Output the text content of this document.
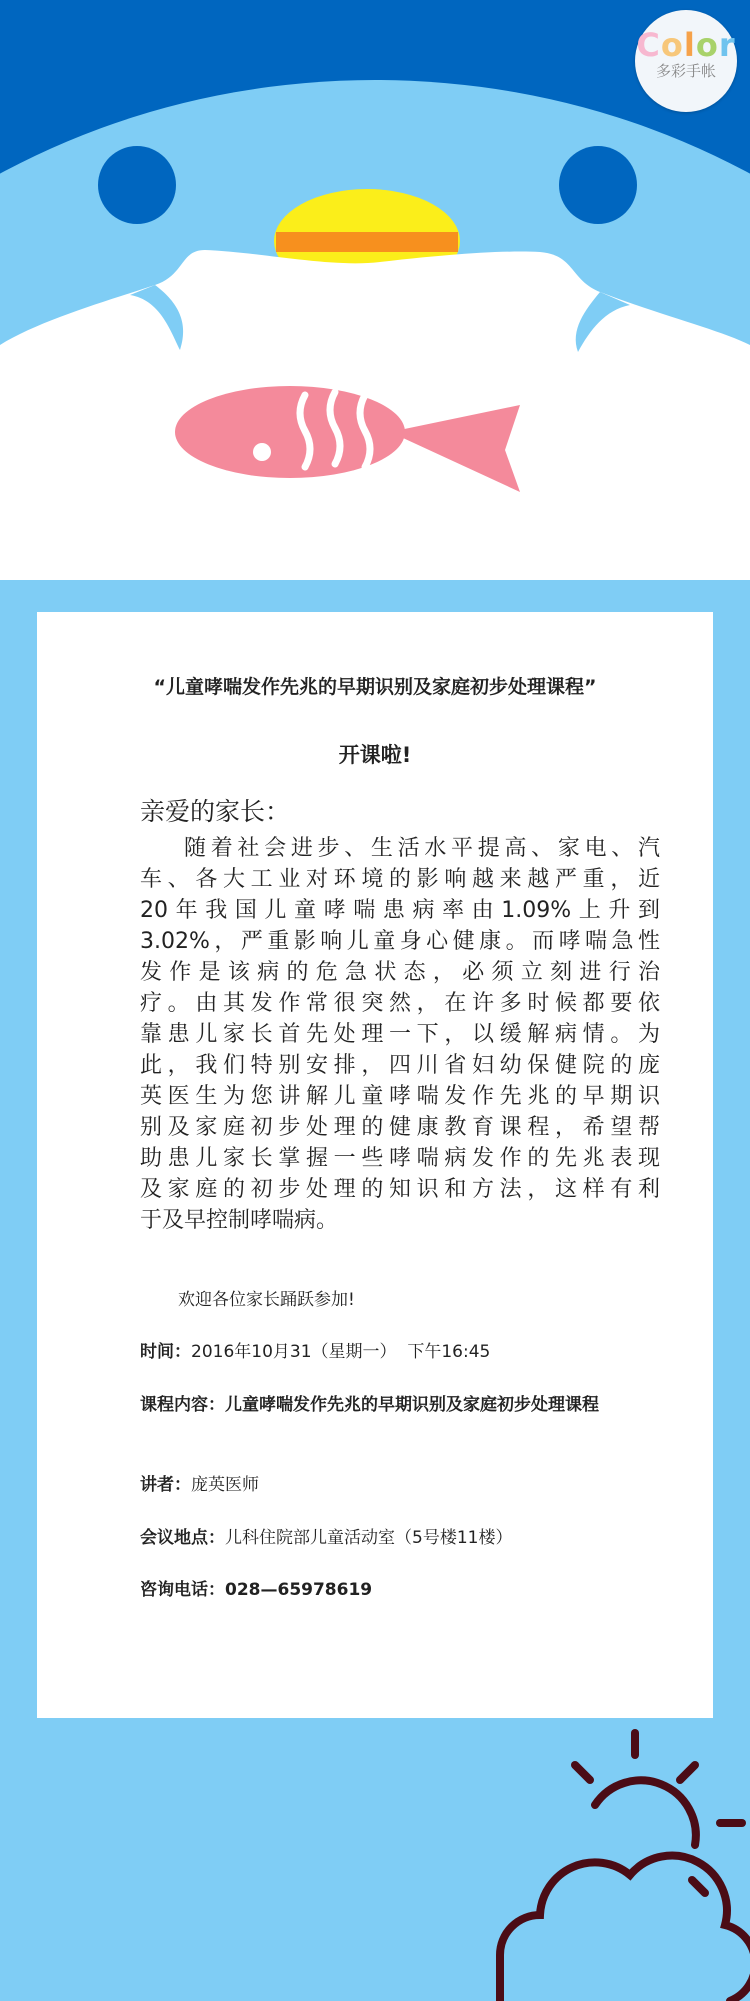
Color
多彩手帐
“儿童哮喘发作先兆的早期识别及家庭初步处理课程”
开课啦!
亲爱的家长：
随着社会进步、生活水平提高、家电、汽
车、各大工业对环境的影响越来越严重，近
20年我国儿童哮喘患病率由1.09%上升到
3.02%，严重影响儿童身心健康。而哮喘急性
发作是该病的危急状态，必须立刻进行治
疗。由其发作常很突然，在许多时候都要依
靠患儿家长首先处理一下，以缓解病情。为
此，我们特别安排，四川省妇幼保健院的庞
英医生为您讲解儿童哮喘发作先兆的早期识
别及家庭初步处理的健康教育课程，希望帮
助患儿家长掌握一些哮喘病发作的先兆表现
及家庭的初步处理的知识和方法，这样有利
于及早控制哮喘病。
欢迎各位家长踊跃参加!
时间：2016年10月31（星期一）  下午16:45
课程内容：儿童哮喘发作先兆的早期识别及家庭初步处理课程
讲者：庞英医师
会议地点：儿科住院部儿童活动室（5号楼11楼）
咨询电话：028—65978619
